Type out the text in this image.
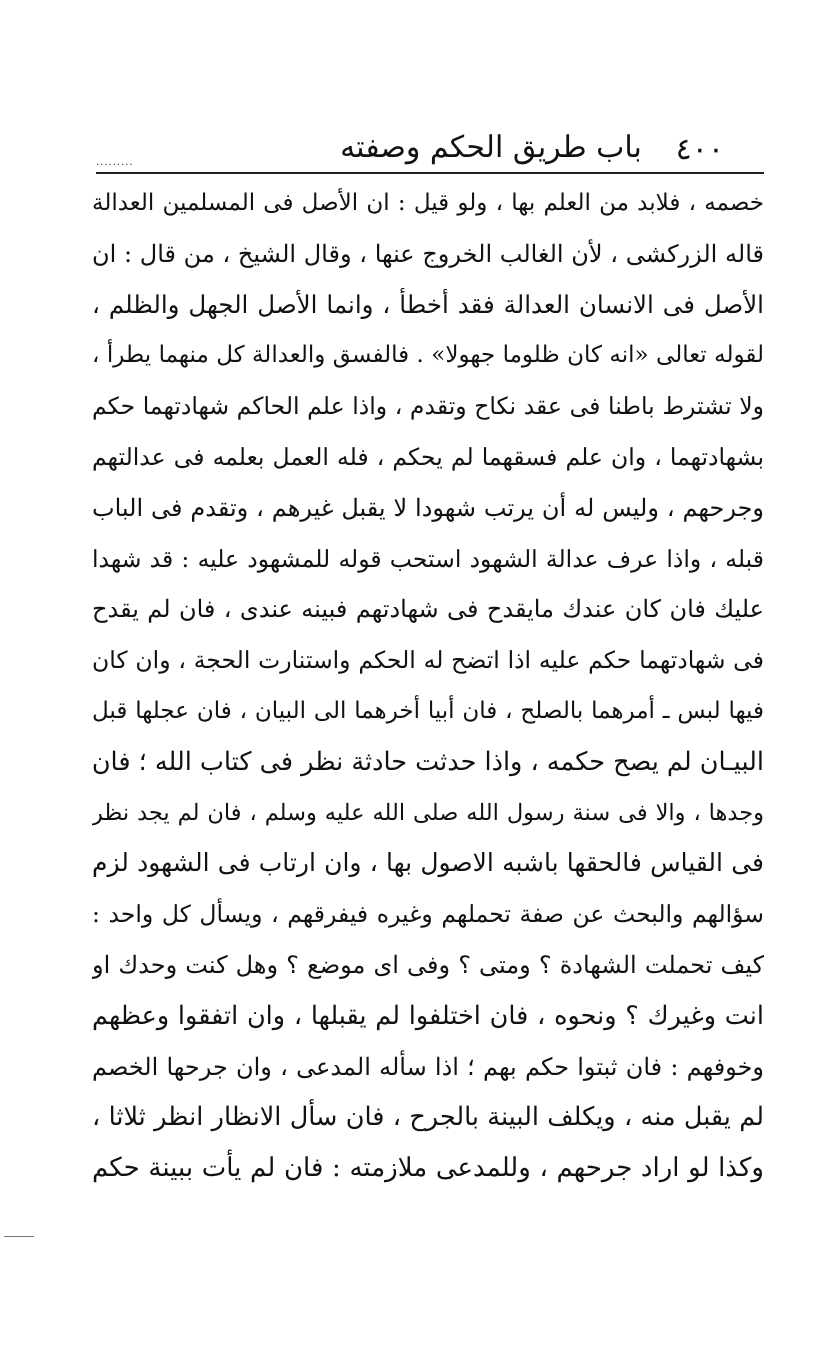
٤٠٠
باب طريق الحكم وصفته
·········
خصمه ، فلابد من العلم بها ، ولو قيل : ان الأصل فى المسلمين العدالة
قاله الزركشى ، لأن الغالب الخروج عنها ، وقال الشيخ ، من قال : ان
الأصل فى الانسان العدالة فقد أخطأ ، وانما الأصل الجهل والظلم ،
لقوله تعالى «انه كان ظلوما جهولا» . فالفسق والعدالة كل منهما يطرأ ،
ولا تشترط باطنا فى عقد نكاح وتقدم ، واذا علم الحاكم شهادتهما حكم
بشهادتهما ، وان علم فسقهما لم يحكم ، فله العمل بعلمه فى عدالتهم
وجرحهم ، وليس له أن يرتب شهودا لا يقبل غيرهم ، وتقدم فى الباب
قبله ، واذا عرف عدالة الشهود استحب قوله للمشهود عليه : قد شهدا
عليك فان كان عندك مايقدح فى شهادتهم فبينه عندى ، فان لم يقدح
فى شهادتهما حكم عليه اذا اتضح له الحكم واستنارت الحجة ، وان كان
فيها لبس ـ أمرهما بالصلح ، فان أبيا أخرهما الى البيان ، فان عجلها قبل
البيـان لم يصح حكمه ، واذا حدثت حادثة نظر فى كتاب الله ؛ فان
وجدها ، والا فى سنة رسول الله صلى الله عليه وسلم ، فان لم يجد نظر
فى القياس فالحقها باشبه الاصول بها ، وان ارتاب فى الشهود لزم
سؤالهم والبحث عن صفة تحملهم وغيره فيفرقهم ، ويسأل كل واحد :
كيف تحملت الشهادة ؟ ومتى ؟ وفى اى موضع ؟ وهل كنت وحدك او
انت وغيرك ؟ ونحوه ، فان اختلفوا لم يقبلها ، وان اتفقوا وعظهم
وخوفهم : فان ثبتوا حكم بهم ؛ اذا سأله المدعى ، وان جرحها الخصم
لم يقبل منه ، ويكلف البينة بالجرح ، فان سأل الانظار انظر ثلاثا ،
وكذا لو اراد جرحهم ، وللمدعى ملازمته : فان لم يأت ببينة حكم
